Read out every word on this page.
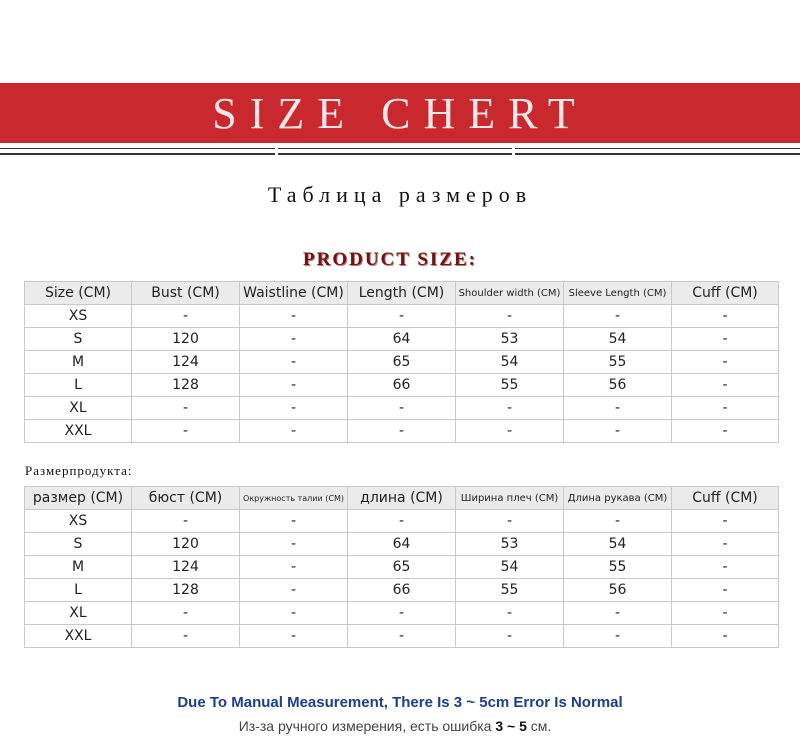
SIZE CHERT
Таблица размеров
PRODUCT SIZE:
Size (CM)	Bust (CM)	Waistline (CM)	Length (CM)	Shoulder width (CM)	Sleeve Length (CM)	Cuff (CM)
XS	-	-	-	-	-	-
S	120	-	64	53	54	-
M	124	-	65	54	55	-
L	128	-	66	55	56	-
XL	-	-	-	-	-	-
XXL	-	-	-	-	-	-
Размерпродукта:
размер (CM)	бюст (CM)	Окружность талии (CM)	длина (CM)	Ширина плеч (CM)	Длина рукава (CM)	Cuff (CM)
XS	-	-	-	-	-	-
S	120	-	64	53	54	-
M	124	-	65	54	55	-
L	128	-	66	55	56	-
XL	-	-	-	-	-	-
XXL	-	-	-	-	-	-
Due To Manual Measurement, There Is 3 ~ 5cm Error Is Normal
Из-за ручного измерения, есть ошибка 3 ~ 5 см.
